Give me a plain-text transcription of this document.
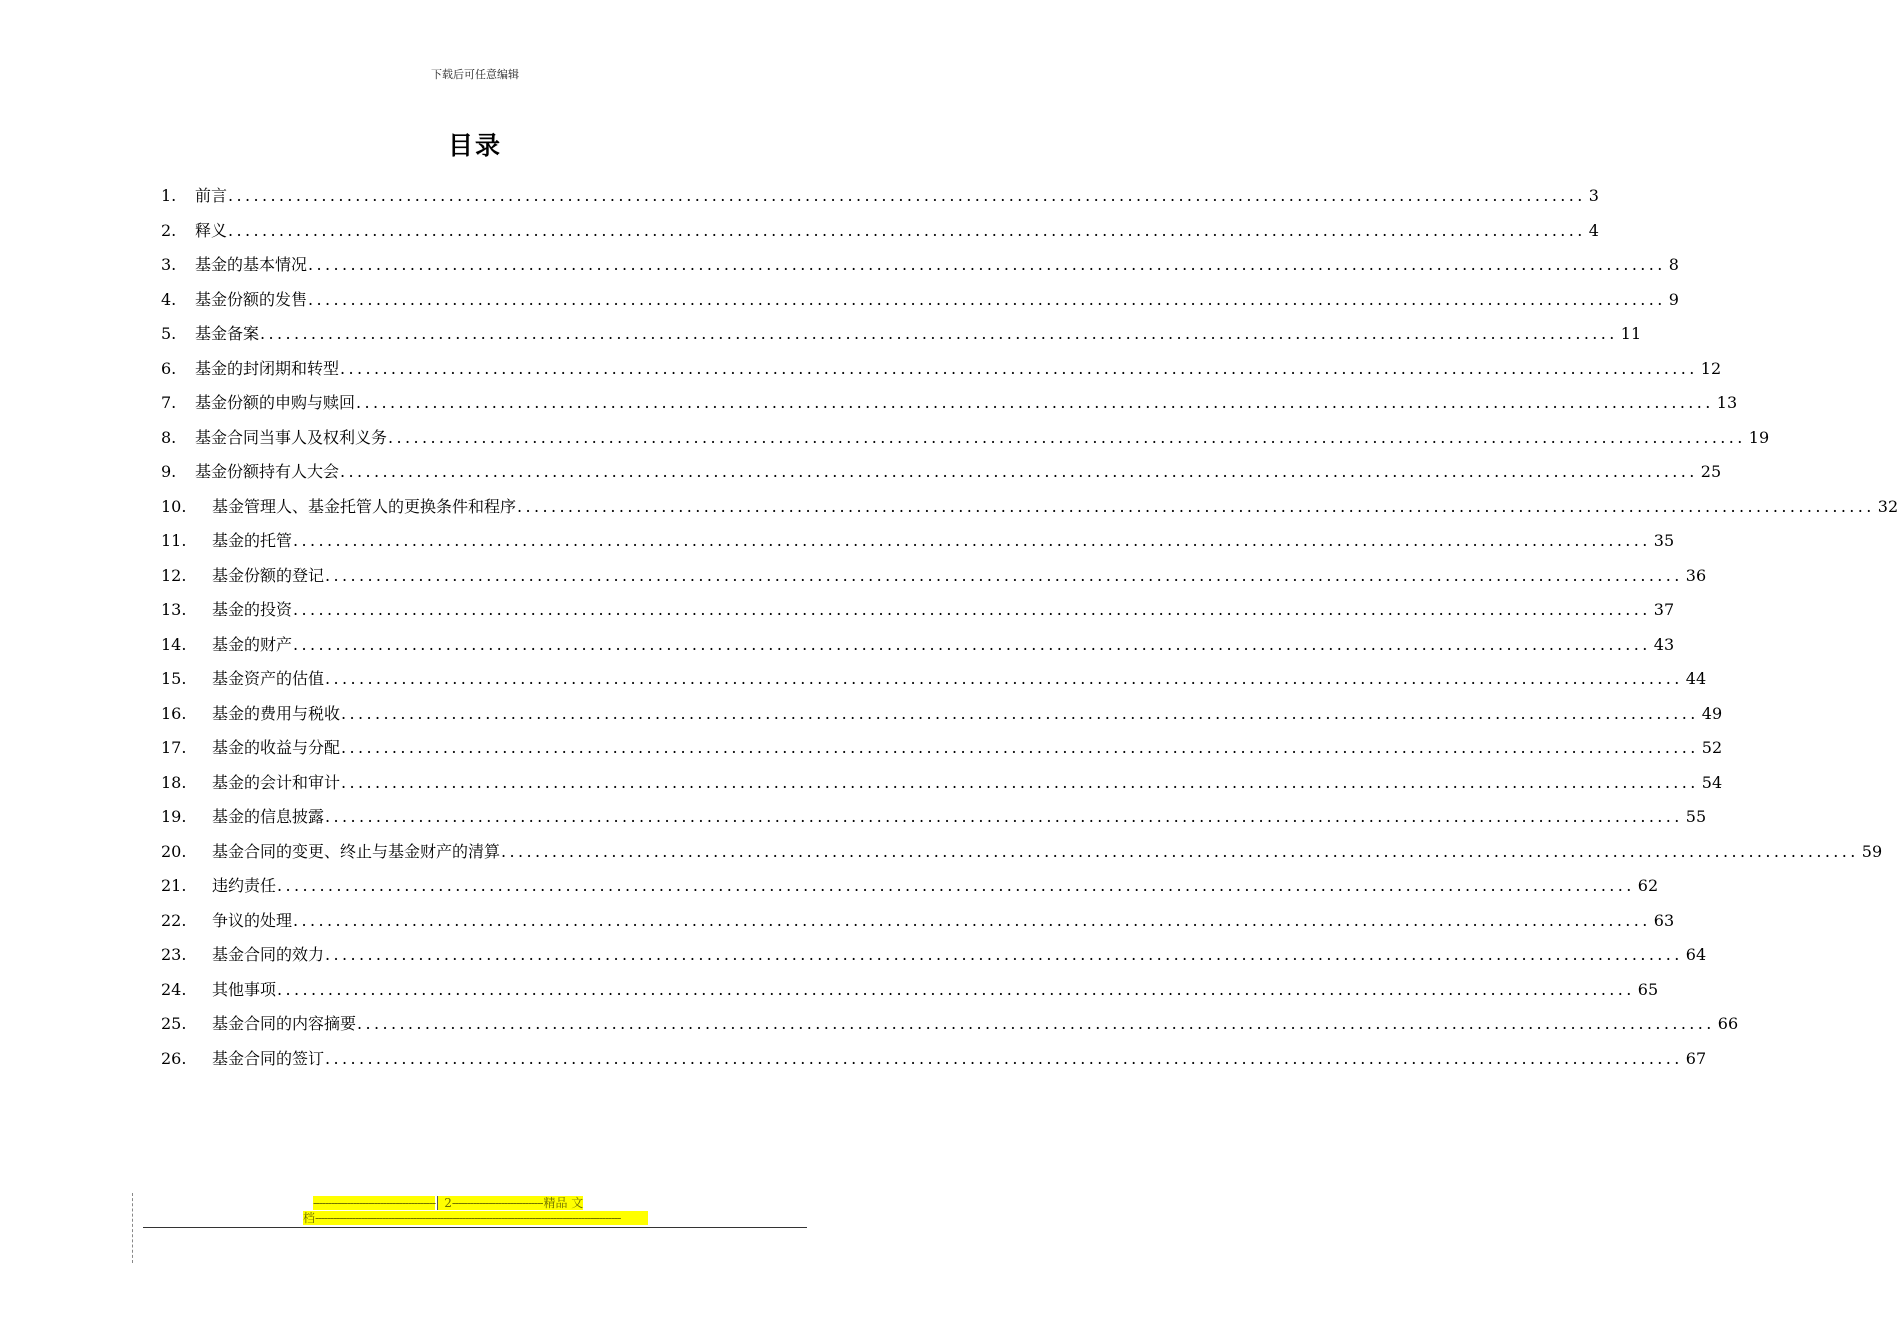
下载后可任意编辑
目录
1.	前言 ................................................................................................................................................................ 3
2.	释义 ................................................................................................................................................................ 4
3.	基金的基本情况 ................................................................................................................................................................ 8
4.	基金份额的发售 ................................................................................................................................................................ 9
5.	基金备案 ................................................................................................................................................................ 11
6.	基金的封闭期和转型 ................................................................................................................................................................ 12
7.	基金份额的申购与赎回 ................................................................................................................................................................ 13
8.	基金合同当事人及权利义务 ................................................................................................................................................................ 19
9.	基金份额持有人大会 ................................................................................................................................................................ 25
10.	基金管理人、基金托管人的更换条件和程序 ................................................................................................................................................................ 32
11.	基金的托管 ................................................................................................................................................................ 35
12.	基金份额的登记 ................................................................................................................................................................ 36
13.	基金的投资 ................................................................................................................................................................ 37
14.	基金的财产 ................................................................................................................................................................ 43
15.	基金资产的估值 ................................................................................................................................................................ 44
16.	基金的费用与税收 ................................................................................................................................................................ 49
17.	基金的收益与分配 ................................................................................................................................................................ 52
18.	基金的会计和审计 ................................................................................................................................................................ 54
19.	基金的信息披露 ................................................................................................................................................................ 55
20.	基金合同的变更、终止与基金财产的清算 ................................................................................................................................................................ 59
21.	违约责任 ................................................................................................................................................................ 62
22.	争议的处理 ................................................................................................................................................................ 63
23.	基金合同的效力 ................................................................................................................................................................ 64
24.	其他事项 ................................................................................................................................................................ 65
25.	基金合同的内容摘要 ................................................................................................................................................................ 66
26.	基金合同的签订 ................................................................................................................................................................ 67
---------------------------------------- 2------------------------------精品 文
档----------------------------------------------------------------------------------------------------
